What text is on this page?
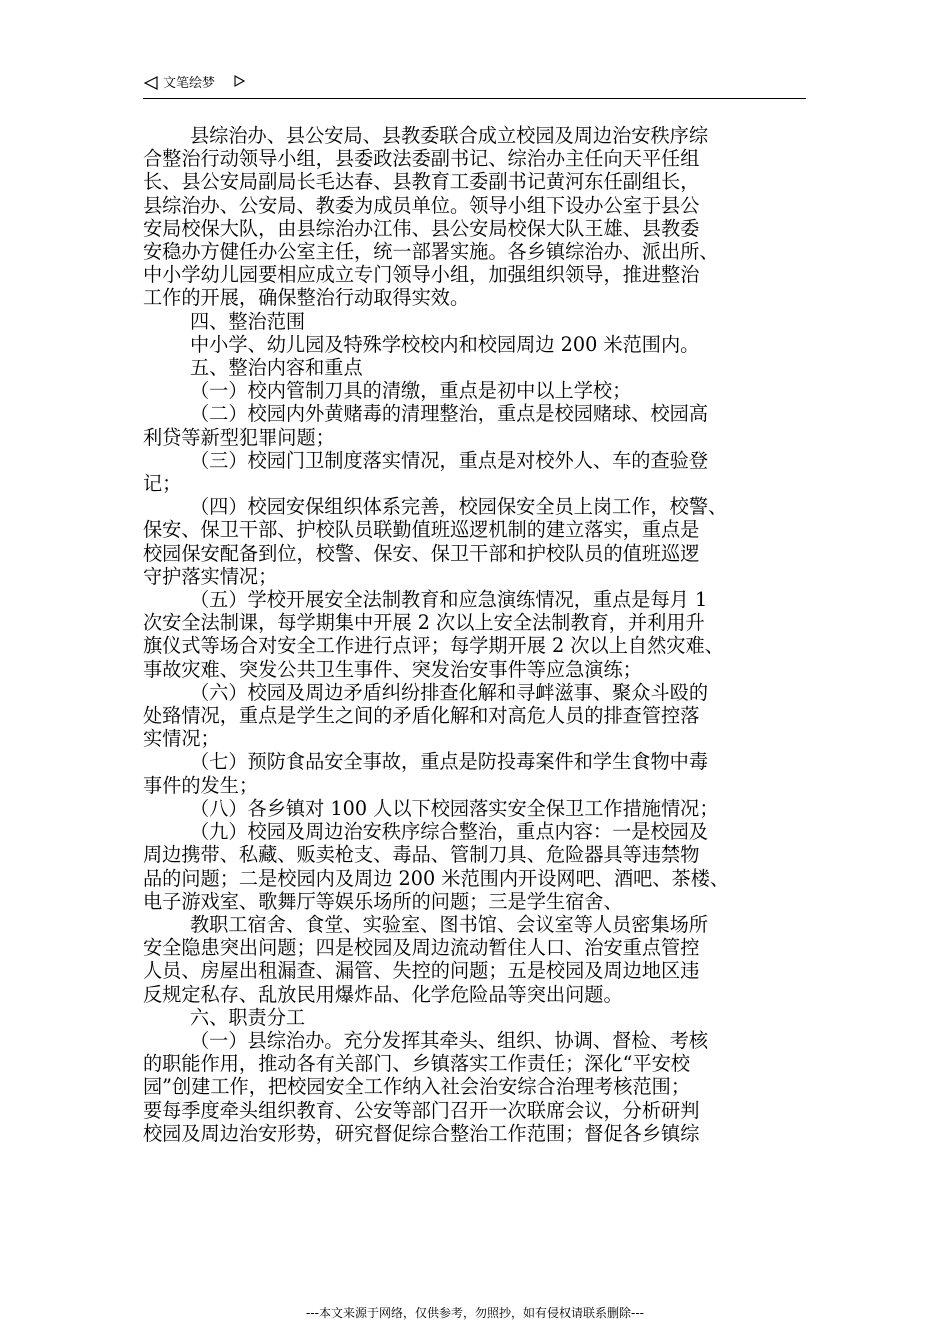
文笔绘梦

县综治办、县公安局、县教委联合成立校园及周边治安秩序综

合整治行动领导小组，县委政法委副书记、综治办主任向天平任组

长、县公安局副局长毛达春、县教育工委副书记黄河东任副组长，

县综治办、公安局、教委为成员单位。领导小组下设办公室于县公

安局校保大队，由县综治办江伟、县公安局校保大队王雄、县教委

安稳办方健任办公室主任，统一部署实施。各乡镇综治办、派出所、

中小学幼儿园要相应成立专门领导小组，加强组织领导，推进整治

工作的开展，确保整治行动取得实效。

四、整治范围

中小学、幼儿园及特殊学校校内和校园周边 200 米范围内。

五、整治内容和重点

（一）校内管制刀具的清缴，重点是初中以上学校；

（二）校园内外黄赌毒的清理整治，重点是校园赌球、校园高

利贷等新型犯罪问题；

（三）校园门卫制度落实情况，重点是对校外人、车的查验登

记；

（四）校园安保组织体系完善，校园保安全员上岗工作，校警、

保安、保卫干部、护校队员联勤值班巡逻机制的建立落实，重点是

校园保安配备到位，校警、保安、保卫干部和护校队员的值班巡逻

守护落实情况；

（五）学校开展安全法制教育和应急演练情况，重点是每月 1

次安全法制课，每学期集中开展 2 次以上安全法制教育，并利用升

旗仪式等场合对安全工作进行点评；每学期开展 2 次以上自然灾难、

事故灾难、突发公共卫生事件、突发治安事件等应急演练；

（六）校园及周边矛盾纠纷排查化解和寻衅滋事、聚众斗殴的

处臵情况，重点是学生之间的矛盾化解和对高危人员的排查管控落

实情况；

（七）预防食品安全事故，重点是防投毒案件和学生食物中毒

事件的发生；

（八）各乡镇对 100 人以下校园落实安全保卫工作措施情况；

（九）校园及周边治安秩序综合整治，重点内容：一是校园及

周边携带、私藏、贩卖枪支、毒品、管制刀具、危险器具等违禁物

品的问题；二是校园内及周边 200 米范围内开设网吧、酒吧、茶楼、

电子游戏室、歌舞厅等娱乐场所的问题；三是学生宿舍、

教职工宿舍、食堂、实验室、图书馆、会议室等人员密集场所

安全隐患突出问题；四是校园及周边流动暂住人口、治安重点管控

人员、房屋出租漏查、漏管、失控的问题；五是校园及周边地区违

反规定私存、乱放民用爆炸品、化学危险品等突出问题。

六、职责分工

（一）县综治办。充分发挥其牵头、组织、协调、督检、考核

的职能作用，推动各有关部门、乡镇落实工作责任；深化“平安校

园”创建工作，把校园安全工作纳入社会治安综合治理考核范围；

要每季度牵头组织教育、公安等部门召开一次联席会议，分析研判

校园及周边治安形势，研究督促综合整治工作范围；督促各乡镇综

---本文来源于网络，仅供参考，勿照抄，如有侵权请联系删除---
